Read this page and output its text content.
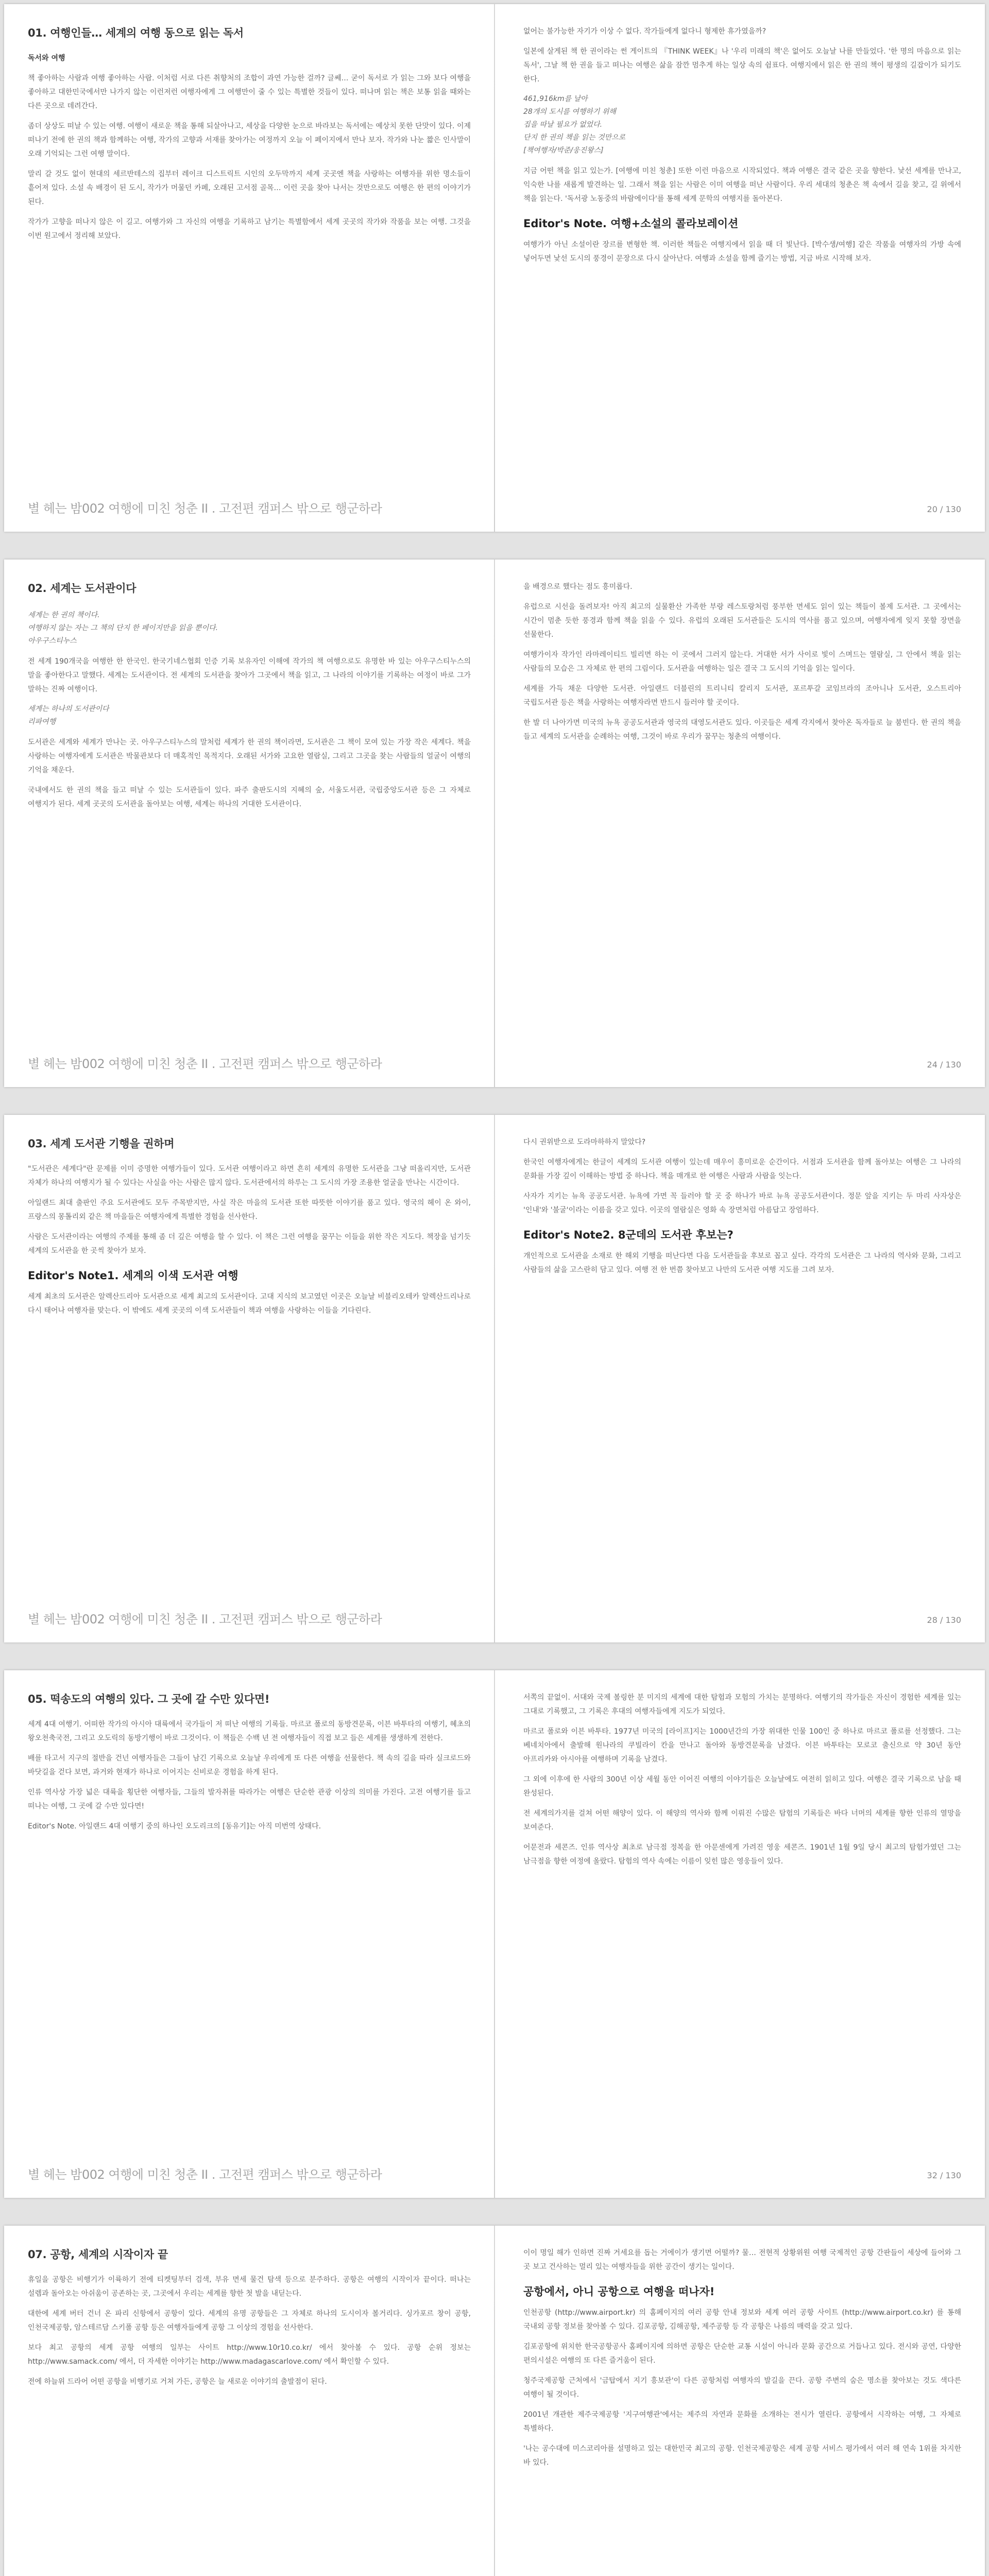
01. 여행인들… 세계의 여행 동으로 읽는 독서

독서와 여행

책 좋아하는 사람과 여행 좋아하는 사람. 이처럼 서로 다른 취향처의 조합이 과연 가능한 걸까? 글쎄… 굳이 독서로 가 읽는 그와 보다 여행을 좋아하고 대한민국에서만 나가지 않는 이런저런 여행자에게 그 여행만이 줄 수 있는 특별한 것들이 있다. 떠나며 읽는 책은 보통 읽을 때와는 다른 곳으로 데려간다.

좀더 상상도 떠날 수 있는 여행. 여행이 새로운 책을 통해 되살아나고, 세상을 다양한 눈으로 바라보는 독서에는 예상치 못한 단맛이 있다. 이제 떠나기 전에 한 권의 책과 함께하는 여행, 작가의 고향과 서재를 찾아가는 여정까지 오늘 이 페이지에서 만나 보자. 작가와 나눈 짧은 인사말이 오래 기억되는 그런 여행 말이다.

말리 갈 것도 없이 현대의 세르반테스의 집부터 레이크 디스트릭트 시인의 오두막까지 세계 곳곳엔 책을 사랑하는 여행자를 위한 명소들이 흩어져 있다. 소설 속 배경이 된 도시, 작가가 머물던 카페, 오래된 고서점 골목… 이런 곳을 찾아 나서는 것만으로도 여행은 한 편의 이야기가 된다.

작가가 고향을 떠나지 않은 이 길고. 여행가와 그 자신의 여행을 기록하고 남기는 특별함에서 세계 곳곳의 작가와 작품을 보는 여행. 그것을 이번 원고에서 정리해 보았다.

별 헤는 밤002 여행에 미친 청춘 II . 고전편 캠퍼스 밖으로 행군하라

없어는 불가능한 자기가 이상 수 없다. 작가들에게 없다니 형제한 휴가였을까?

일본에 살게된 책 한 권이라는 썬 게이트의 『THINK WEEK』나 '우리 미래의 책'은 없어도 오늘날 나를 만들었다. '한 명의 마음으로 읽는 독서', 그날 책 한 권을 들고 떠나는 여행은 삶을 잠깐 멈추게 하는 일상 속의 쉼표다. 여행지에서 읽은 한 권의 책이 평생의 길잡이가 되기도 한다.

461,916km를 날아
28개의 도시를 여행하기 위해
집을 따날 필요가 없었다.
단지 한 권의 책을 읽는 것만으로
[책여행자/박준/웅진왕스]

지금 어떤 책을 읽고 있는가. [여행에 미친 청춘] 또한 이런 마음으로 시작되었다. 책과 여행은 결국 같은 곳을 향한다. 낯선 세계를 만나고, 익숙한 나를 새롭게 발견하는 일. 그래서 책을 읽는 사람은 이미 여행을 떠난 사람이다. 우리 세대의 청춘은 책 속에서 길을 찾고, 길 위에서 책을 읽는다. '독서광 노동중의 바람에이다'를 통해 세계 문학의 여행지를 돌아본다.

Editor's Note. 여행+소설의 콜라보레이션

여행가가 아닌 소설이란 장르를 변형한 책. 이러한 책들은 여행지에서 읽을 때 더 빛난다. [박수생/여행] 같은 작품을 여행자의 가방 속에 넣어두면 낯선 도시의 풍경이 문장으로 다시 살아난다. 여행과 소설을 함께 즐기는 방법, 지금 바로 시작해 보자.

20 / 130
02. 세계는 도서관이다

세계는 한 권의 책이다.
여행하지 않는 자는 그 책의 단지 한 페이지만을 읽을 뿐이다.
아우구스티누스

전 세계 190개국을 여행한 한 한국인. 한국기네스협회 인증 기록 보유자인 이해에 작가의 책 여행으로도 유명한 바 있는 아우구스티누스의 말을 좋아한다고 말했다. 세계는 도서관이다. 전 세계의 도서관을 찾아가 그곳에서 책을 읽고, 그 나라의 이야기를 기록하는 여정이 바로 그가 말하는 진짜 여행이다.

세계는 하나의 도서관이다
리파여행

도서관은 세계와 세계가 만나는 곳. 아우구스티누스의 말처럼 세계가 한 권의 책이라면, 도서관은 그 책이 모여 있는 가장 작은 세계다. 책을 사랑하는 여행자에게 도서관은 박물관보다 더 매혹적인 목적지다. 오래된 서가와 고요한 열람실, 그리고 그곳을 찾는 사람들의 얼굴이 여행의 기억을 채운다.

국내에서도 한 권의 책을 들고 떠날 수 있는 도서관들이 있다. 파주 출판도시의 지혜의 숲, 서울도서관, 국립중앙도서관 등은 그 자체로 여행지가 된다. 세계 곳곳의 도서관을 돌아보는 여행, 세계는 하나의 거대한 도서관이다.

별 헤는 밤002 여행에 미친 청춘 II . 고전편 캠퍼스 밖으로 행군하라

을 배경으로 했다는 점도 흥미롭다.

유럽으로 시선을 돌려보자! 아직 최고의 실물환산 가족한 부랑 레스토랑처럼 풍부한 면세도 읽이 있는 책들이 볼제 도서관. 그 곳에서는 시간이 멈춘 듯한 풍경과 함께 책을 읽을 수 있다. 유럽의 오래된 도서관들은 도시의 역사를 품고 있으며, 여행자에게 잊지 못할 장면을 선물한다.

여행가이자 작가인 라마레이티드 빌리면 하는 이 곳에서 그러지 않는다. 거대한 서가 사이로 빛이 스며드는 열람실, 그 안에서 책을 읽는 사람들의 모습은 그 자체로 한 편의 그림이다. 도서관을 여행하는 일은 결국 그 도시의 기억을 읽는 일이다.

세계를 가득 채운 다양한 도서관. 아일랜드 더블린의 트리니티 칼리지 도서관, 포르투갈 코임브라의 조아니나 도서관, 오스트리아 국립도서관 등은 책을 사랑하는 여행자라면 반드시 들러야 할 곳이다.

한 발 더 나아가면 미국의 뉴욕 공공도서관과 영국의 대영도서관도 있다. 이곳들은 세계 각지에서 찾아온 독자들로 늘 붐빈다. 한 권의 책을 들고 세계의 도서관을 순례하는 여행, 그것이 바로 우리가 꿈꾸는 청춘의 여행이다.

24 / 130
03. 세계 도서관 기행을 권하며

"도서관은 세계다"란 문제를 이미 증명한 여행가들이 있다. 도서관 여행이라고 하면 흔히 세계의 유명한 도서관을 그냥 떠올리지만, 도서관 자체가 하나의 여행지가 될 수 있다는 사실을 아는 사람은 많지 않다. 도서관에서의 하루는 그 도시의 가장 조용한 얼굴을 만나는 시간이다.

아일랜드 최대 출판인 주요 도서관에도 모두 주목받지만, 사실 작은 마을의 도서관 또한 따뜻한 이야기를 품고 있다. 영국의 헤이 온 와이, 프랑스의 몽톨리외 같은 책 마을들은 여행자에게 특별한 경험을 선사한다.

사람은 도서관이라는 여행의 주제를 통해 좀 더 깊은 여행을 할 수 있다. 이 책은 그런 여행을 꿈꾸는 이들을 위한 작은 지도다. 책장을 넘기듯 세계의 도서관을 한 곳씩 찾아가 보자.

Editor's Note1. 세계의 이색 도서관 여행

세계 최초의 도서관은 알렉산드리아 도서관으로 세계 최고의 도서관이다. 고대 지식의 보고였던 이곳은 오늘날 비블리오테카 알렉산드리나로 다시 태어나 여행자를 맞는다. 이 밖에도 세계 곳곳의 이색 도서관들이 책과 여행을 사랑하는 이들을 기다린다.

별 헤는 밤002 여행에 미친 청춘 II . 고전편 캠퍼스 밖으로 행군하라

다시 권위받으로 도라마하하지 말았다?

한국인 여행자에게는 한글이 세계의 도서관 여행이 있는데 매우이 흥미로운 순간이다. 서점과 도서관을 함께 돌아보는 여행은 그 나라의 문화를 가장 깊이 이해하는 방법 중 하나다. 책을 매개로 한 여행은 사람과 사람을 잇는다.

사자가 지키는 뉴욕 공공도서관. 뉴욕에 가면 꼭 들러야 할 곳 중 하나가 바로 뉴욕 공공도서관이다. 정문 앞을 지키는 두 마리 사자상은 '인내'와 '불굴'이라는 이름을 갖고 있다. 이곳의 열람실은 영화 속 장면처럼 아름답고 장엄하다.

Editor's Note2. 8군데의 도서관 후보는?

개인적으로 도서관을 소재로 한 해외 기행을 떠난다면 다음 도서관들을 후보로 꼽고 싶다. 각각의 도서관은 그 나라의 역사와 문화, 그리고 사람들의 삶을 고스란히 담고 있다. 여행 전 한 번쯤 찾아보고 나만의 도서관 여행 지도를 그려 보자.

28 / 130
05. 떡송도의 여행의 있다. 그 곳에 갈 수만 있다면!

세계 4대 여행기. 어떠한 작가의 아시아 대륙에서 국가들이 저 떠난 여행의 기록들. 마르코 폴로의 동방견문록, 이븐 바투타의 여행기, 혜초의 왕오천축국전, 그리고 오도릭의 동방기행이 바로 그것이다. 이 책들은 수백 년 전 여행자들이 직접 보고 들은 세계를 생생하게 전한다.

배를 타고서 지구의 절반을 건넌 여행자들은 그들이 남긴 기록으로 오늘날 우리에게 또 다른 여행을 선물한다. 책 속의 길을 따라 실크로드와 바닷길을 걷다 보면, 과거와 현재가 하나로 이어지는 신비로운 경험을 하게 된다.

인류 역사상 가장 넓은 대륙을 횡단한 여행자들, 그들의 발자취를 따라가는 여행은 단순한 관광 이상의 의미를 가진다. 고전 여행기를 들고 떠나는 여행, 그 곳에 갈 수만 있다면!

Editor's Note. 아일랜드 4대 여행기 중의 하나인 오도리크의 [동유기]는 아직 미번역 상태다.

별 헤는 밤002 여행에 미친 청춘 II . 고전편 캠퍼스 밖으로 행군하라

서쪽의 끝없이. 서대와 국제 볼링한 분 미지의 세계에 대한 탐험과 모험의 가치는 분명하다. 여행기의 작가들은 자신이 경험한 세계를 있는 그대로 기록했고, 그 기록은 후대의 여행자들에게 지도가 되었다.

마르코 폴로와 이븐 바투타. 1977년 미국의 [라이프]지는 1000년간의 가장 위대한 인물 100인 중 하나로 마르코 폴로를 선정했다. 그는 베네치아에서 출발해 원나라의 쿠빌라이 칸을 만나고 돌아와 동방견문록을 남겼다. 이븐 바투타는 모로코 출신으로 약 30년 동안 아프리카와 아시아를 여행하며 기록을 남겼다.

그 외에 이후에 한 사람의 300년 이상 세월 동안 이어진 여행의 이야기들은 오늘날에도 여전히 읽히고 있다. 여행은 결국 기록으로 남을 때 완성된다.

전 세계의가지를 걸쳐 어떤 해양이 있다. 이 해양의 역사와 함께 이뤄진 수많은 탐험의 기록들은 바다 너머의 세계를 향한 인류의 열망을 보여준다.

어문전과 세콘즈. 인류 역사상 최초로 남극점 정복을 한 아문센에게 가려진 영웅 세콘즈. 1901년 1월 9일 당시 최고의 탐험가였던 그는 남극점을 향한 여정에 올랐다. 탐험의 역사 속에는 이름이 잊힌 많은 영웅들이 있다.

32 / 130
07. 공항, 세계의 시작이자 끝

휴일을 공항은 비행기가 이륙하기 전에 티켓팅부터 검색, 부유 면세 물건 탐색 등으로 분주하다. 공항은 여행의 시작이자 끝이다. 떠나는 설렘과 돌아오는 아쉬움이 공존하는 곳, 그곳에서 우리는 세계를 향한 첫 발을 내딛는다.

대한에 세계 버터 건너 온 파리 신항에서 공항이 있다. 세계의 유명 공항들은 그 자체로 하나의 도시이자 볼거리다. 싱가포르 창이 공항, 인천국제공항, 암스테르담 스키폴 공항 등은 여행자들에게 공항 그 이상의 경험을 선사한다.

보다 최고 공항의 세계 공항 여행의 일부는 사이트 http://www.10r10.co.kr/ 에서 찾아볼 수 있다. 공항 순위 정보는 http://www.samack.com/ 에서, 더 자세한 이야기는 http://www.madagascarlove.com/ 에서 확인할 수 있다.

전에 하늘위 드라어 어떤 공항을 비행기로 거쳐 가든, 공항은 늘 새로운 이야기의 출발점이 된다.

이이 명일 해가 인하면 진짜 거세요를 돕는 거에이가 생기면 어떨까? 물… 전현적 상황위원 여행 국제적인 공항 간판들이 세상에 들어와 그 곳 보고 건사하는 멀리 있는 여행자들을 위한 공간이 생기는 일이다.

공항에서, 아니 공항으로 여행을 떠나자!

인천공항 (http://www.airport.kr) 의 홈페이지의 여러 공항 안내 정보와 세계 여러 공항 사이트 (http://www.airport.co.kr) 를 통해 국내외 공항 정보를 찾아볼 수 있다. 김포공항, 김해공항, 제주공항 등 각 공항은 나름의 매력을 갖고 있다.

김포공항에 위치한 한국공항공사 홈페이지에 의하면 공항은 단순한 교통 시설이 아니라 문화 공간으로 거듭나고 있다. 전시와 공연, 다양한 편의시설은 여행의 또 다른 즐거움이 된다.

청주국제공항 근처에서 '금탑에서 지기 흥보관'이 다른 공항처럼 여행자의 발길을 끈다. 공항 주변의 숨은 명소를 찾아보는 것도 색다른 여행이 될 것이다.

2001년 개관한 제주국제공항 '지구여행관'에서는 제주의 자연과 문화를 소개하는 전시가 열린다. 공항에서 시작하는 여행, 그 자체로 특별하다.

'나는 공수대에 미스코리아를 설명하고 있는 대한민국 최고의 공항. 인천국제공항은 세계 공항 서비스 평가에서 여러 해 연속 1위를 차지한 바 있다.
